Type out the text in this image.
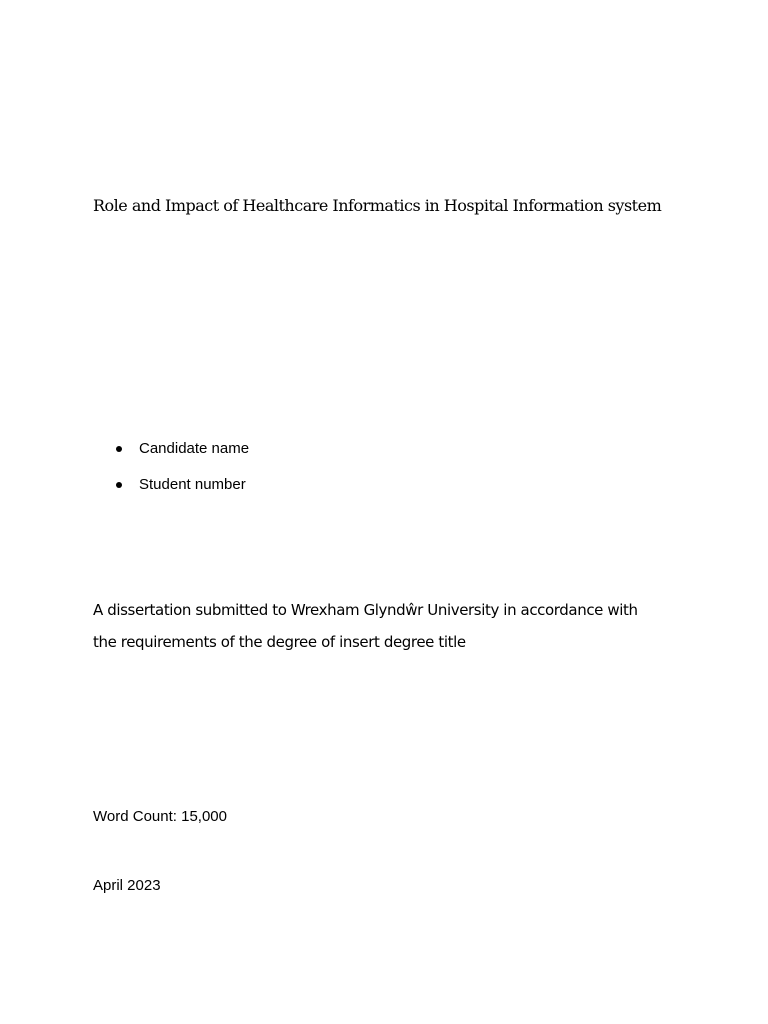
Role and Impact of Healthcare Informatics in Hospital Information system
Candidate name
Student number

A dissertation submitted to Wrexham Glyndŵr University in accordance with
the requirements of the degree of insert degree title

Word Count: 15,000
April 2023
